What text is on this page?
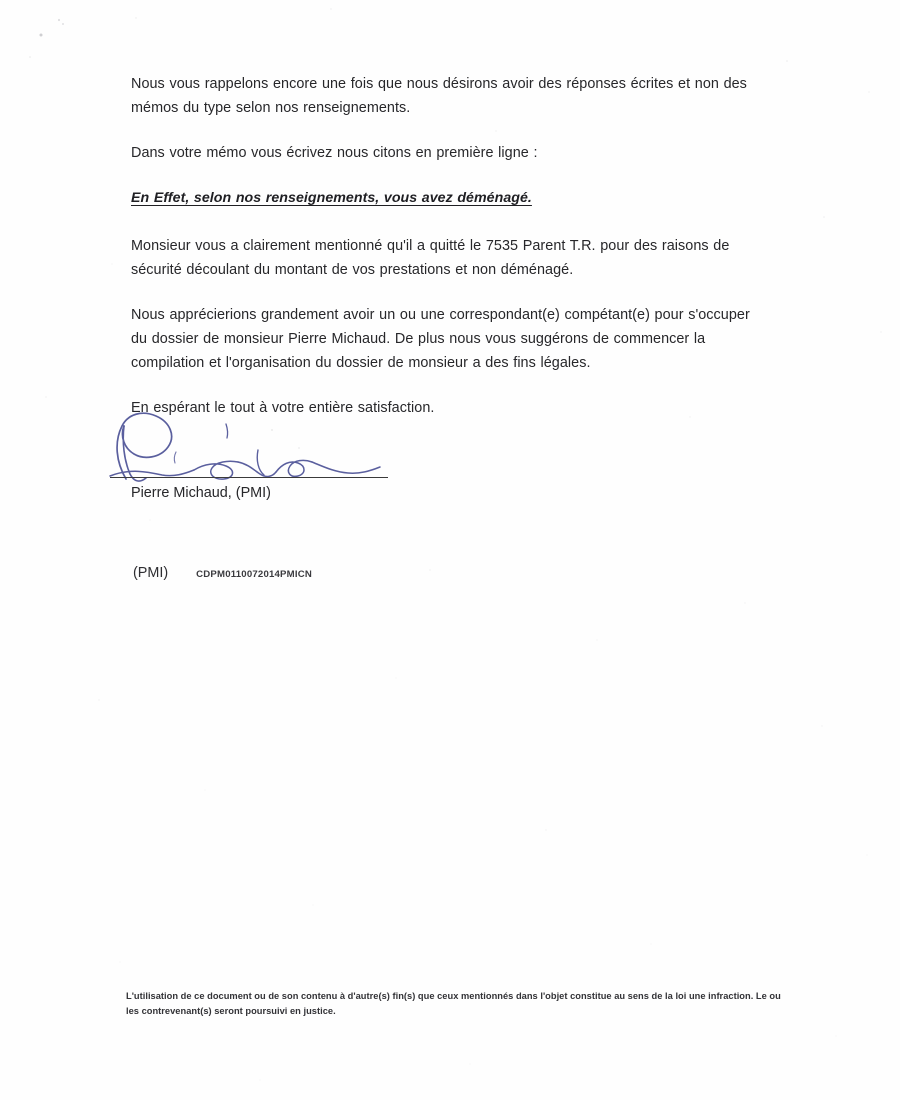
Nous vous rappelons encore une fois que nous désirons avoir des réponses écrites et non des mémos du type selon nos renseignements.

Dans votre mémo vous écrivez nous citons en première ligne :

En Effet, selon nos renseignements, vous avez déménagé.

Monsieur vous a clairement mentionné qu'il a quitté le 7535 Parent T.R. pour des raisons de sécurité découlant du montant de vos prestations et non déménagé.

Nous apprécierions grandement avoir un ou une correspondant(e) compétant(e) pour s'occuper du dossier de monsieur Pierre Michaud. De plus nous vous suggérons de commencer la compilation et l'organisation du dossier de monsieur a des fins légales.

En espérant le tout à votre entière satisfaction.

Pierre Michaud, (PMI)
(PMI)	CDPM0110072014PMICN
L'utilisation de ce document ou de son contenu à d'autre(s) fin(s) que ceux mentionnés dans l'objet constitue au sens de la loi une infraction. Le ou les contrevenant(s) seront poursuivi en justice.
